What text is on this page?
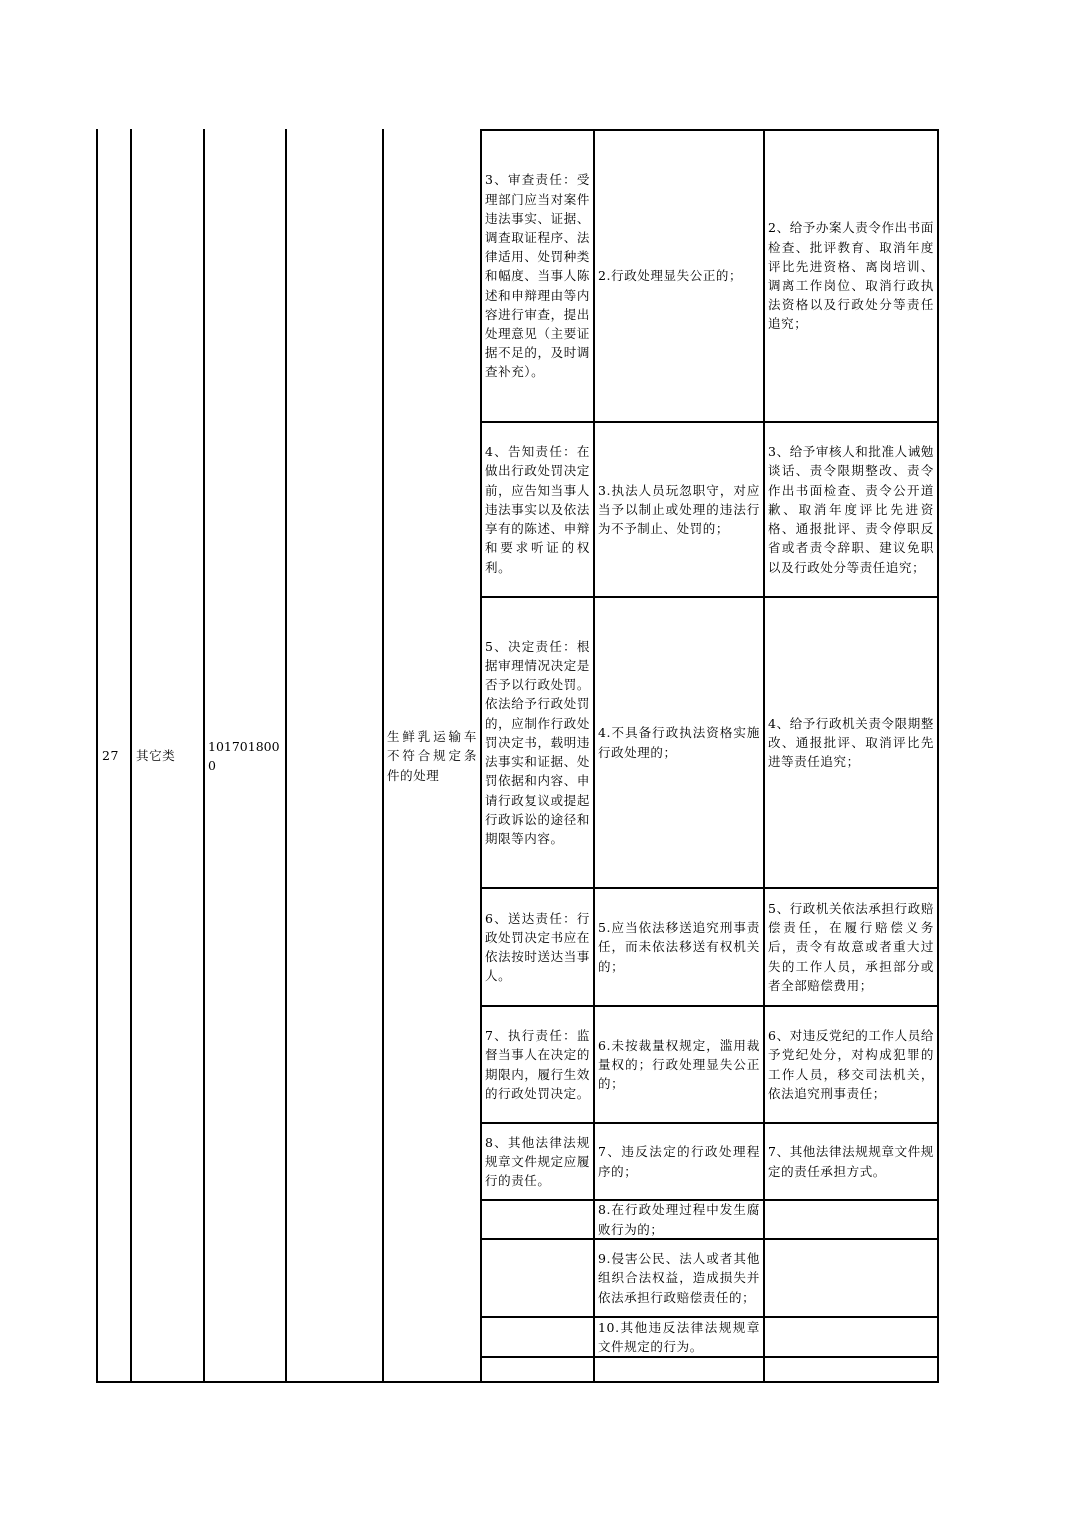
27	其它类
1017018000
生鲜乳运输车不符合规定条件的处理
3、审查责任：受理部门应当对案件违法事实、证据、调查取证程序、法律适用、处罚种类和幅度、当事人陈述和申辩理由等内容进行审查，提出处理意见（主要证据不足的，及时调查补充）。
4、告知责任：在做出行政处罚决定前，应告知当事人违法事实以及依法享有的陈述、申辩和要求听证的权利。
5、决定责任：根据审理情况决定是否予以行政处罚。依法给予行政处罚的，应制作行政处罚决定书，载明违法事实和证据、处罚依据和内容、申请行政复议或提起行政诉讼的途径和期限等内容。
6、送达责任：行政处罚决定书应在依法按时送达当事人。
7、执行责任：监督当事人在决定的期限内，履行生效的行政处罚决定。
8、其他法律法规规章文件规定应履行的责任。
2.行政处理显失公正的；
3.执法人员玩忽职守，对应当予以制止或处理的违法行为不予制止、处罚的；
4.不具备行政执法资格实施行政处理的；
5.应当依法移送追究刑事责任，而未依法移送有权机关的；
6.未按裁量权规定，滥用裁量权的；行政处理显失公正的；
7、违反法定的行政处理程序的；
8.在行政处理过程中发生腐败行为的；
9.侵害公民、法人或者其他组织合法权益，造成损失并依法承担行政赔偿责任的；
10.其他违反法律法规规章文件规定的行为。
2、给予办案人责令作出书面检查、批评教育、取消年度评比先进资格、离岗培训、调离工作岗位、取消行政执法资格以及行政处分等责任追究；
3、给予审核人和批准人诫勉谈话、责令限期整改、责令作出书面检查、责令公开道歉、取消年度评比先进资格、通报批评、责令停职反省或者责令辞职、建议免职以及行政处分等责任追究；
4、给予行政机关责令限期整改、通报批评、取消评比先进等责任追究；
5、行政机关依法承担行政赔偿责任，在履行赔偿义务后，责令有故意或者重大过失的工作人员，承担部分或者全部赔偿费用；
6、对违反党纪的工作人员给予党纪处分，对构成犯罪的工作人员，移交司法机关，依法追究刑事责任；
7、其他法律法规规章文件规定的责任承担方式。
